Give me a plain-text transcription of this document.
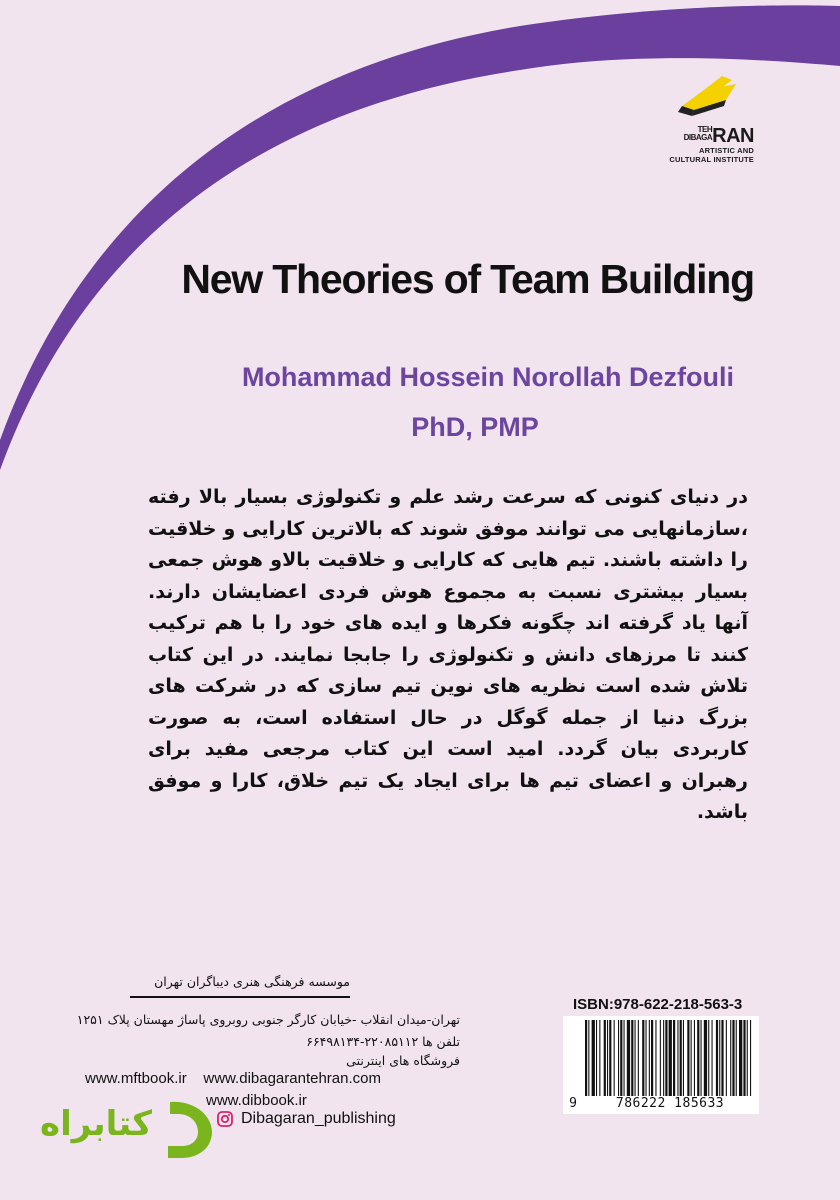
TEH
DIBAGARAN
ARTISTIC AND CULTURAL INSTITUTE
New Theories of Team Building
Mohammad Hossein Norollah Dezfouli
PhD, PMP
در دنیای کنونی که سرعت رشد علم و تکنولوژی بسیار بالا رفته ،سازمانهایی می توانند موفق شوند که بالاترین کارایی و خلاقیت را داشته باشند. تیم هایی که کارایی و خلاقیت بالاو هوش جمعی بسیار بیشتری نسبت به مجموع هوش فردی اعضایشان دارند. آنها یاد گرفته اند چگونه فکرها و ایده های خود را با هم ترکیب کنند تا مرزهای دانش و تکنولوژی را جابجا نمایند. در این کتاب تلاش شده است نظریه های نوین تیم سازی که در شرکت های بزرگ دنیا از جمله گوگل در حال استفاده است، به صورت کاربردی بیان گردد. امید است این کتاب مرجعی مفید برای رهبران و اعضای تیم ها برای ایجاد یک تیم خلاق، کارا و موفق باشد.
موسسه فرهنگی هنری دیباگران تهران
تهران-میدان انقلاب -خیابان کارگر جنوبی روبروی پاساژ مهستان پلاک ۱۲۵۱
تلفن ها ۲۲۰۸۵۱۱۲-۶۶۴۹۸۱۳۴
فروشگاه های اینترنتی
www.mftbook.ir www.dibagarantehran.com
www.dibbook.ir
Dibagaran_publishing
کتابراه
ISBN:978-622-218-563-3
9	786222 185633
